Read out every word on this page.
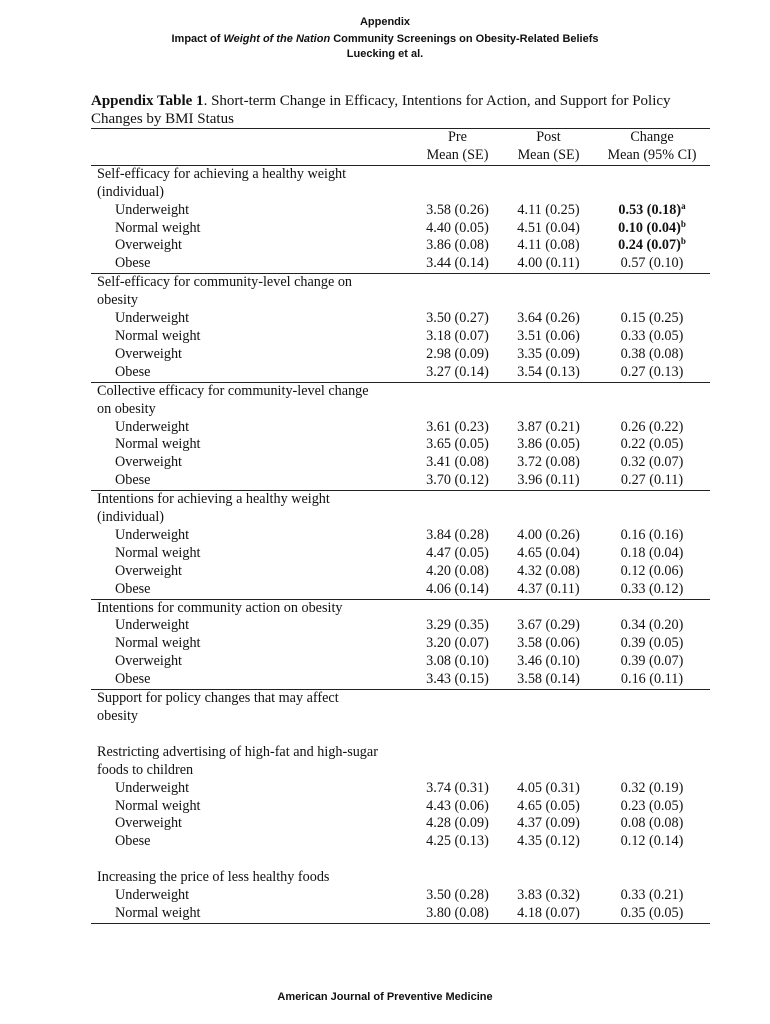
Appendix
Impact of Weight of the Nation Community Screenings on Obesity-Related Beliefs
Luecking et al.
Appendix Table 1. Short-term Change in Efficacy, Intentions for Action, and Support for Policy Changes by BMI Status
	Pre	Post	Change
	Mean (SE)	Mean (SE)	Mean (95% CI)
Self-efficacy for achieving a healthy weight			
(individual)			
Underweight	3.58 (0.26)	4.11 (0.25)	0.53 $(0.18)^a$
Normal weight	4.40 (0.05)	4.51 (0.04)	0.10 $(0.04)^b$
Overweight	3.86 (0.08)	4.11 (0.08)	0.24 $(0.07)^b$
Obese	3.44 (0.14)	4.00 (0.11)	0.57 (0.10)
Self-efficacy for community-level change on			
obesity			
Underweight	3.50 (0.27)	3.64 (0.26)	0.15 (0.25)
Normal weight	3.18 (0.07)	3.51 (0.06)	0.33 (0.05)
Overweight	2.98 (0.09)	3.35 (0.09)	0.38 (0.08)
Obese	3.27 (0.14)	3.54 (0.13)	0.27 (0.13)
Collective efficacy for community-level change			
on obesity			
Underweight	3.61 (0.23)	3.87 (0.21)	0.26 (0.22)
Normal weight	3.65 (0.05)	3.86 (0.05)	0.22 (0.05)
Overweight	3.41 (0.08)	3.72 (0.08)	0.32 (0.07)
Obese	3.70 (0.12)	3.96 (0.11)	0.27 (0.11)
Intentions for achieving a healthy weight			
(individual)			
Underweight	3.84 (0.28)	4.00 (0.26)	0.16 (0.16)
Normal weight	4.47 (0.05)	4.65 (0.04)	0.18 (0.04)
Overweight	4.20 (0.08)	4.32 (0.08)	0.12 (0.06)
Obese	4.06 (0.14)	4.37 (0.11)	0.33 (0.12)
Intentions for community action on obesity			
Underweight	3.29 (0.35)	3.67 (0.29)	0.34 (0.20)
Normal weight	3.20 (0.07)	3.58 (0.06)	0.39 (0.05)
Overweight	3.08 (0.10)	3.46 (0.10)	0.39 (0.07)
Obese	3.43 (0.15)	3.58 (0.14)	0.16 (0.11)
Support for policy changes that may affect			
obesity			

Restricting advertising of high-fat and high-sugar			
foods to children			
Underweight	3.74 (0.31)	4.05 (0.31)	0.32 (0.19)
Normal weight	4.43 (0.06)	4.65 (0.05)	0.23 (0.05)
Overweight	4.28 (0.09)	4.37 (0.09)	0.08 (0.08)
Obese	4.25 (0.13)	4.35 (0.12)	0.12 (0.14)

Increasing the price of less healthy foods			
Underweight	3.50 (0.28)	3.83 (0.32)	0.33 (0.21)
Normal weight	3.80 (0.08)	4.18 (0.07)	0.35 (0.05)
American Journal of Preventive Medicine
